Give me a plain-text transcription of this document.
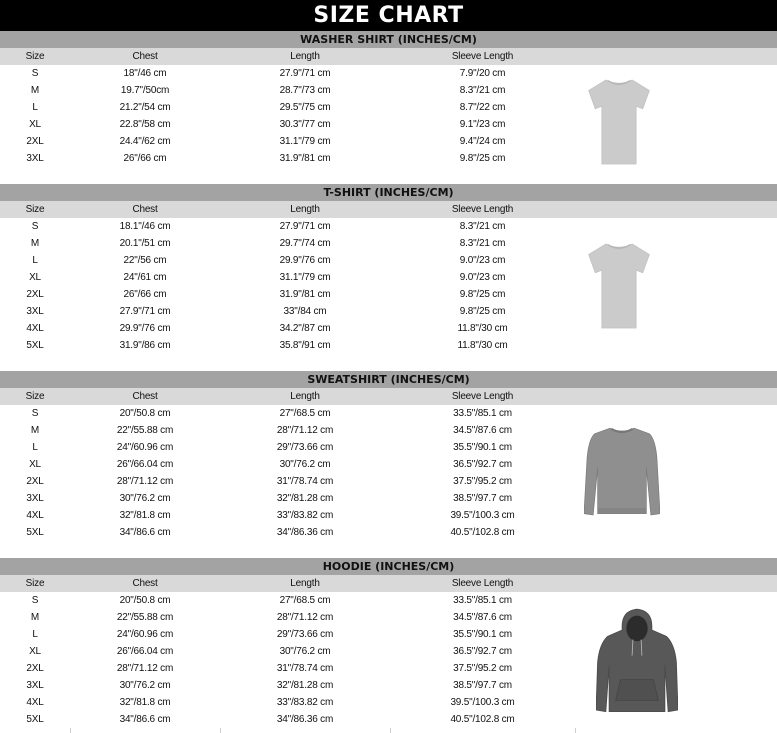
SIZE CHART
WASHER SHIRT (INCHES/CM)
Size	Chest	Length	Sleeve Length
S	18"/46 cm	27.9"/71 cm	7.9"/20 cm
M	19.7"/50cm	28.7"/73 cm	8.3"/21 cm
L	21.2"/54 cm	29.5"/75 cm	8.7"/22 cm
XL	22.8"/58 cm	30.3"/77 cm	9.1"/23 cm
2XL	24.4"/62 cm	31.1"/79 cm	9.4"/24 cm
3XL	26"/66 cm	31.9"/81 cm	9.8"/25 cm
T-SHIRT (INCHES/CM)
Size	Chest	Length	Sleeve Length
S	18.1"/46 cm	27.9"/71 cm	8.3"/21 cm
M	20.1"/51 cm	29.7"/74 cm	8.3"/21 cm
L	22"/56 cm	29.9"/76 cm	9.0"/23 cm
XL	24"/61 cm	31.1"/79 cm	9.0"/23 cm
2XL	26"/66 cm	31.9"/81 cm	9.8"/25 cm
3XL	27.9"/71 cm	33"/84 cm	9.8"/25 cm
4XL	29.9"/76 cm	34.2"/87 cm	11.8"/30 cm
5XL	31.9"/86 cm	35.8"/91 cm	11.8"/30 cm
SWEATSHIRT (INCHES/CM)
Size	Chest	Length	Sleeve Length
S	20"/50.8 cm	27"/68.5 cm	33.5"/85.1 cm
M	22"/55.88 cm	28"/71.12 cm	34.5"/87.6 cm
L	24"/60.96 cm	29"/73.66 cm	35.5"/90.1 cm
XL	26"/66.04 cm	30"/76.2 cm	36.5"/92.7 cm
2XL	28"/71.12 cm	31"/78.74 cm	37.5"/95.2 cm
3XL	30"/76.2 cm	32"/81.28 cm	38.5"/97.7 cm
4XL	32"/81.8 cm	33"/83.82 cm	39.5"/100.3 cm
5XL	34"/86.6 cm	34"/86.36 cm	40.5"/102.8 cm
HOODIE (INCHES/CM)
Size	Chest	Length	Sleeve Length
S	20"/50.8 cm	27"/68.5 cm	33.5"/85.1 cm
M	22"/55.88 cm	28"/71.12 cm	34.5"/87.6 cm
L	24"/60.96 cm	29"/73.66 cm	35.5"/90.1 cm
XL	26"/66.04 cm	30"/76.2 cm	36.5"/92.7 cm
2XL	28"/71.12 cm	31"/78.74 cm	37.5"/95.2 cm
3XL	30"/76.2 cm	32"/81.28 cm	38.5"/97.7 cm
4XL	32"/81.8 cm	33"/83.82 cm	39.5"/100.3 cm
5XL	34"/86.6 cm	34"/86.36 cm	40.5"/102.8 cm
